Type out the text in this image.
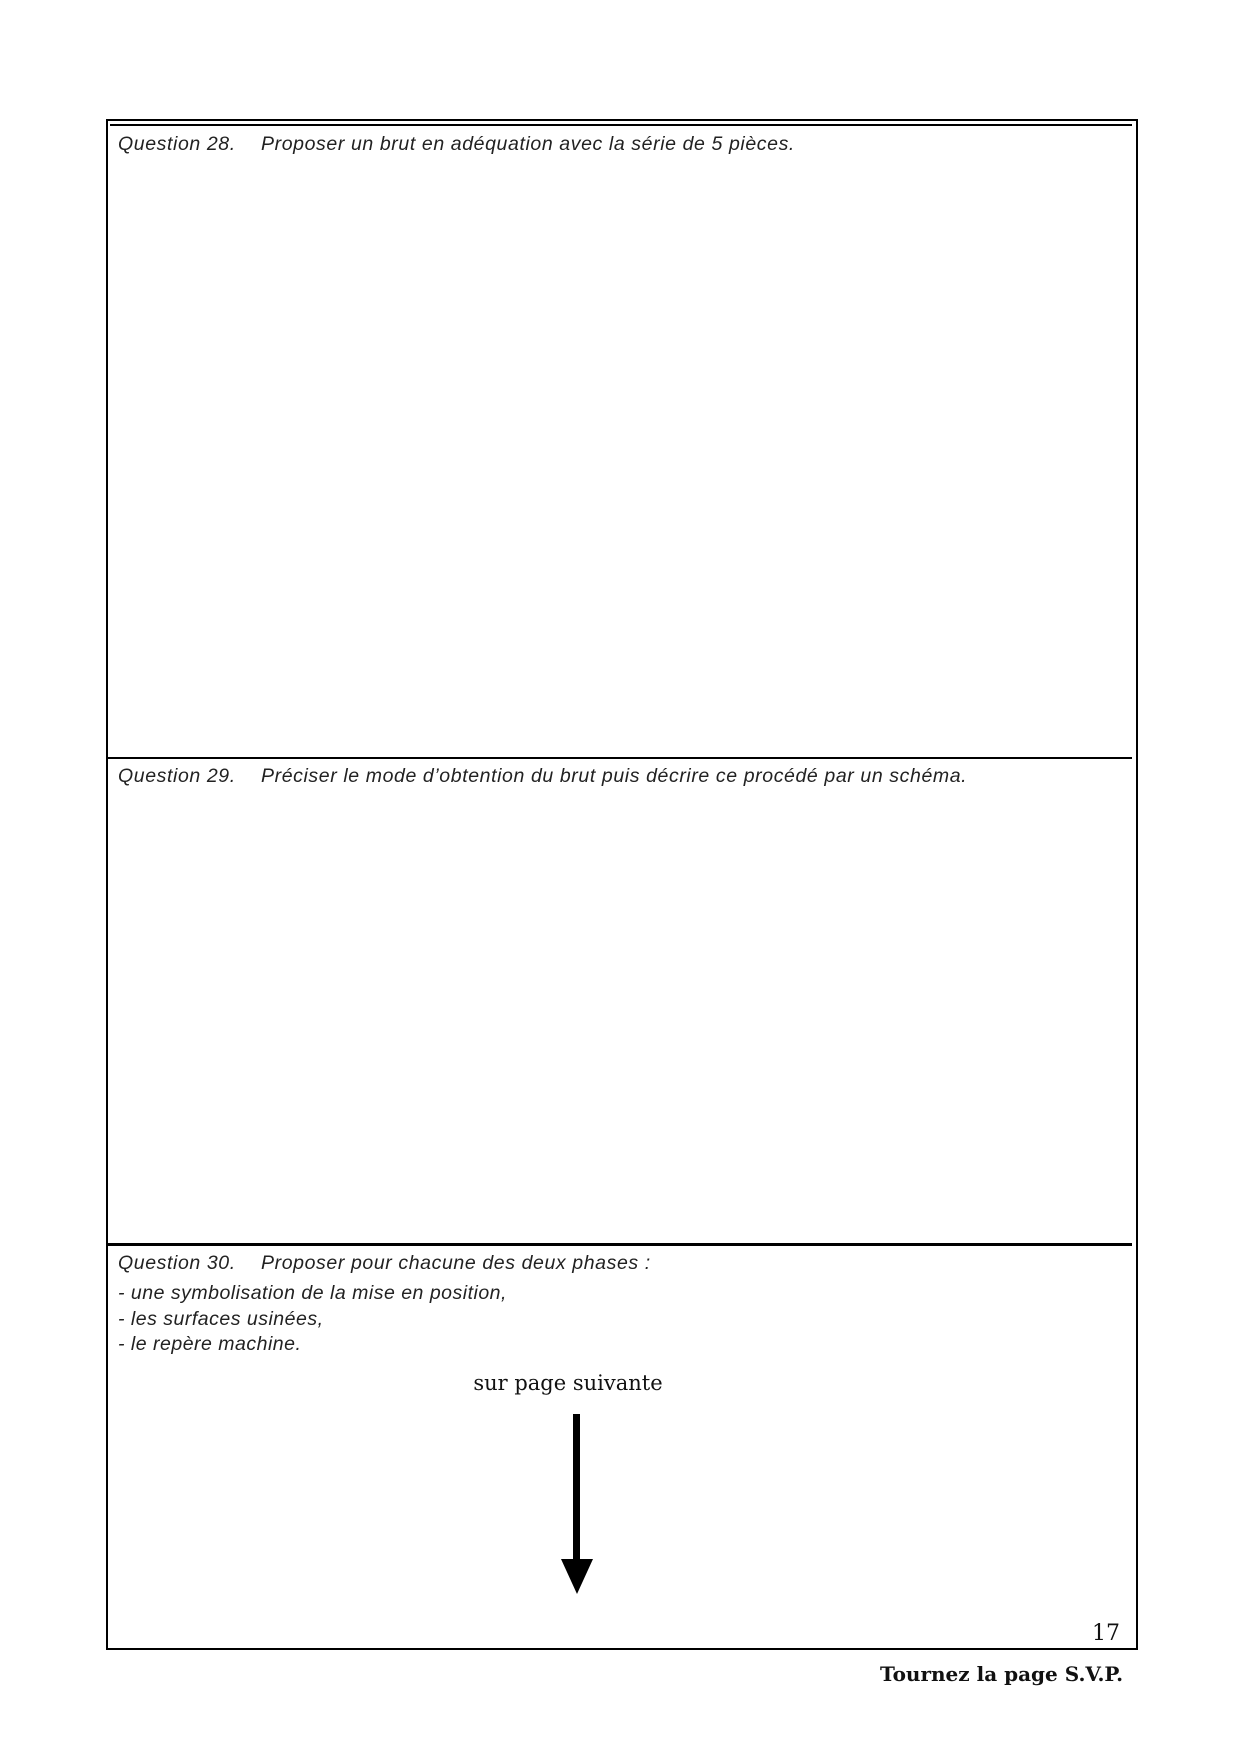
Question 28. Proposer un brut en adéquation avec la série de 5 pièces.
Question 29. Préciser le mode d’obtention du brut puis décrire ce procédé par un schéma.
Question 30. Proposer pour chacune des deux phases :
- une symbolisation de la mise en position,
- les surfaces usinées,
- le repère machine.
sur page suivante
17
Tournez la page S.V.P.
